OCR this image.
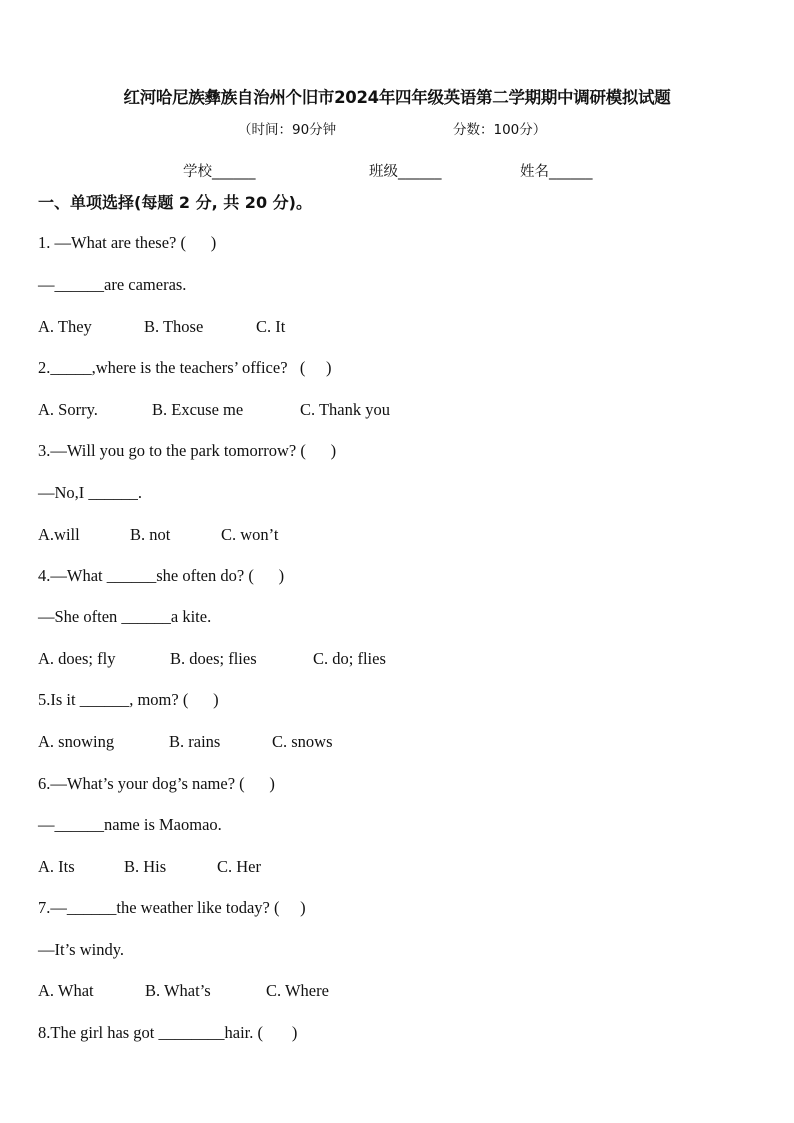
红河哈尼族彝族自治州个旧市2024年四年级英语第二学期期中调研模拟试题
（时间：90分钟	分数：100分）
学校______	班级______	姓名______
一、单项选择(每题 2 分, 共 20 分)。
1. —What are these? (      )
—______are cameras.
A. They	B. Those	C. It
2._____,where is the teachers’ office?   (     )
A. Sorry.	B. Excuse me	C. Thank you
3.—Will you go to the park tomorrow? (      )
—No,I ______.
A.will	B. not	C. won’t
4.—What ______she often do? (      )
—She often ______a kite.
A. does; fly	B. does; flies	C. do; flies
5.Is it ______, mom? (      )
A. snowing	B. rains	C. snows
6.—What’s your dog’s name? (      )
—______name is Maomao.
A. Its	B. His	C. Her
7.—______the weather like today? (     )
—It’s windy.
A. What	B. What’s	C. Where
8.The girl has got ________hair. (       )
